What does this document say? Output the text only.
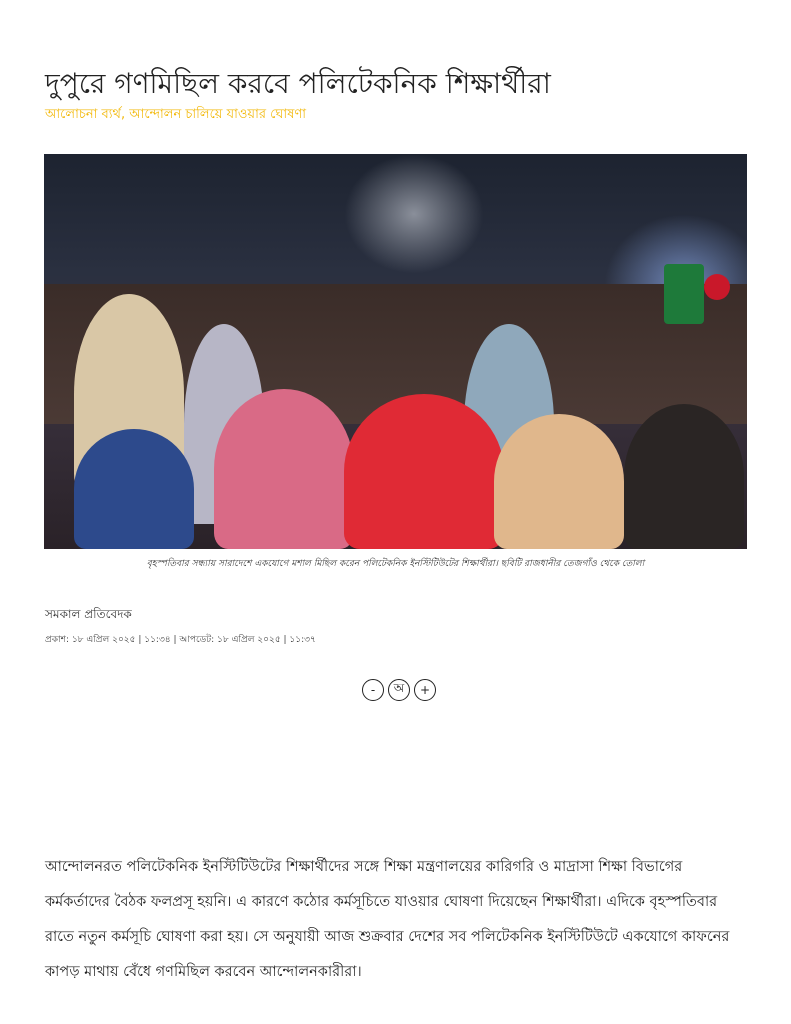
দুপুরে গণমিছিল করবে পলিটেকনিক শিক্ষার্থীরা
আলোচনা ব্যর্থ, আন্দোলন চালিয়ে যাওয়ার ঘোষণা
বৃহস্পতিবার সন্ধ্যায় সারাদেশে একযোগে মশাল মিছিল করেন পলিটেকনিক ইনস্টিটিউটের শিক্ষার্থীরা। ছবিটি রাজধানীর তেজগাঁও থেকে তোলা
সমকাল প্রতিবেদক
প্রকাশ: ১৮ এপ্রিল ২০২৫ | ১১:৩৪ | আপডেট: ১৮ এপ্রিল ২০২৫ | ১১:৩৭
-	অ	+

আন্দোলনরত পলিটেকনিক ইনস্টিটিউটের শিক্ষার্থীদের সঙ্গে শিক্ষা মন্ত্রণালয়ের কারিগরি ও মাদ্রাসা শিক্ষা বিভাগের কর্মকর্তাদের বৈঠক ফলপ্রসূ হয়নি। এ কারণে কঠোর কর্মসূচিতে যাওয়ার ঘোষণা দিয়েছেন শিক্ষার্থীরা। এদিকে বৃহস্পতিবার রাতে নতুন কর্মসূচি ঘোষণা করা হয়। সে অনুযায়ী আজ শুক্রবার দেশের সব পলিটেকনিক ইনস্টিটিউটে একযোগে কাফনের কাপড় মাথায় বেঁধে গণমিছিল করবেন আন্দোলনকারীরা।
